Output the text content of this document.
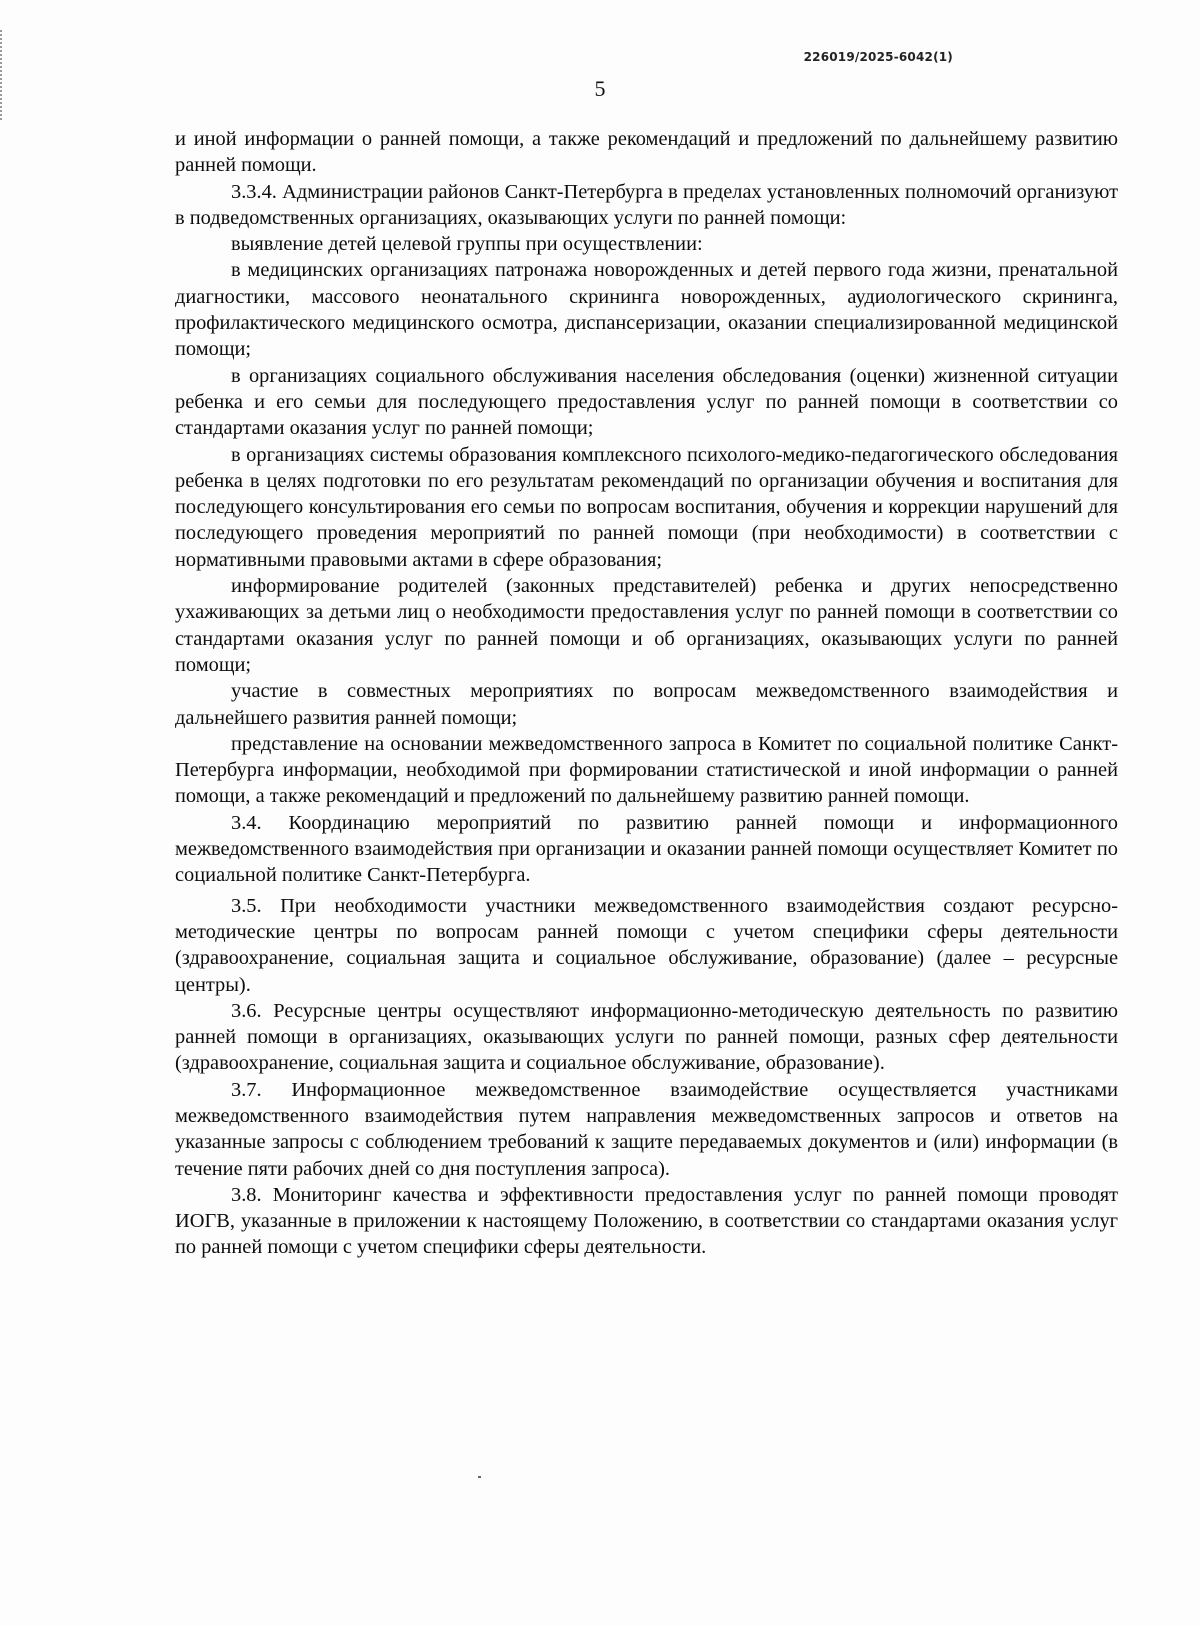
226019/2025-6042(1)
5

и иной информации о ранней помощи, а также рекомендаций и предложений по дальнейшему развитию ранней помощи.

3.3.4. Администрации районов Санкт-Петербурга в пределах установленных полномочий организуют в подведомственных организациях, оказывающих услуги по ранней помощи:

выявление детей целевой группы при осуществлении:

в медицинских организациях патронажа новорожденных и детей первого года жизни, пренатальной диагностики, массового неонатального скрининга новорожденных, аудиологического скрининга, профилактического медицинского осмотра, диспансеризации, оказании специализированной медицинской помощи;

в организациях социального обслуживания населения обследования (оценки) жизненной ситуации ребенка и его семьи для последующего предоставления услуг по ранней помощи в соответствии со стандартами оказания услуг по ранней помощи;

в организациях системы образования комплексного психолого-медико-педагогического обследования ребенка в целях подготовки по его результатам рекомендаций по организации обучения и воспитания для последующего консультирования его семьи по вопросам воспитания, обучения и коррекции нарушений для последующего проведения мероприятий по ранней помощи (при необходимости) в соответствии с нормативными правовыми актами в сфере образования;

информирование родителей (законных представителей) ребенка и других непосредственно ухаживающих за детьми лиц о необходимости предоставления услуг по ранней помощи в соответствии со стандартами оказания услуг по ранней помощи и об организациях, оказывающих услуги по ранней помощи;

участие в совместных мероприятиях по вопросам межведомственного взаимодействия и дальнейшего развития ранней помощи;

представление на основании межведомственного запроса в Комитет по социальной политике Санкт-Петербурга информации, необходимой при формировании статистической и иной информации о ранней помощи, а также рекомендаций и предложений по дальнейшему развитию ранней помощи.

3.4. Координацию мероприятий по развитию ранней помощи и информационного межведомственного взаимодействия при организации и оказании ранней помощи осуществляет Комитет по социальной политике Санкт-Петербурга.

3.5. При необходимости участники межведомственного взаимодействия создают ресурсно-методические центры по вопросам ранней помощи с учетом специфики сферы деятельности (здравоохранение, социальная защита и социальное обслуживание, образование) (далее – ресурсные центры).

3.6. Ресурсные центры осуществляют информационно-методическую деятельность по развитию ранней помощи в организациях, оказывающих услуги по ранней помощи, разных сфер деятельности (здравоохранение, социальная защита и социальное обслуживание, образование).

3.7. Информационное межведомственное взаимодействие осуществляется участниками межведомственного взаимодействия путем направления межведомственных запросов и ответов на указанные запросы с соблюдением требований к защите передаваемых документов и (или) информации (в течение пяти рабочих дней со дня поступления запроса).

3.8. Мониторинг качества и эффективности предоставления услуг по ранней помощи проводят ИОГВ, указанные в приложении к настоящему Положению, в соответствии со стандартами оказания услуг по ранней помощи с учетом специфики сферы деятельности.
